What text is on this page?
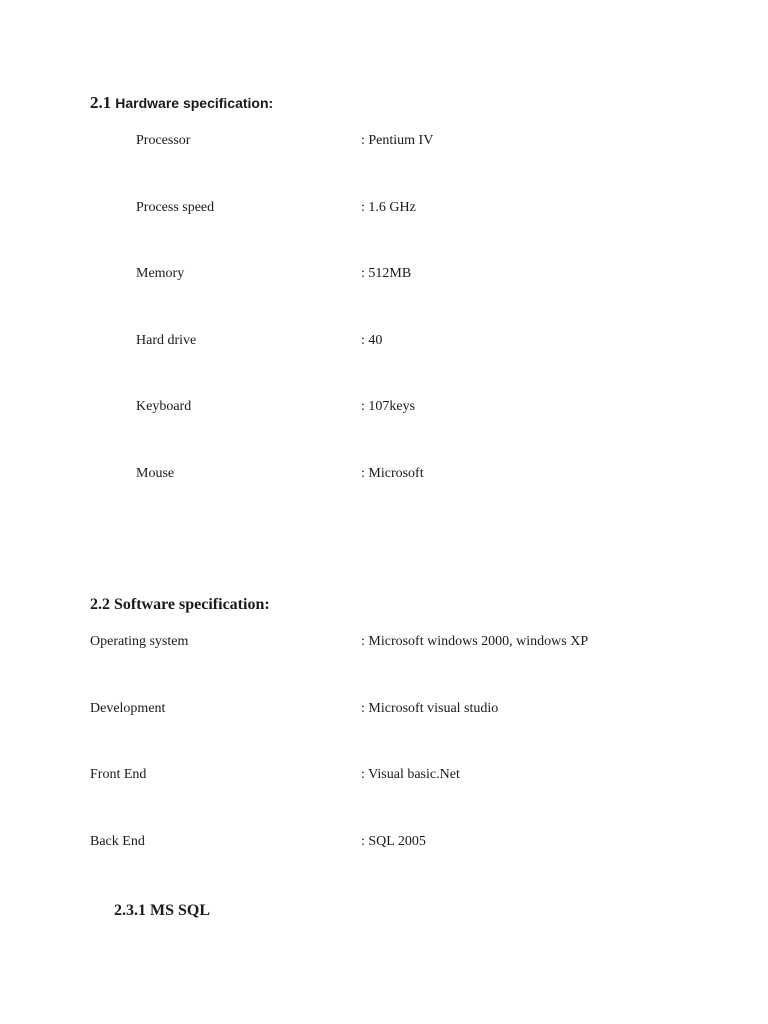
2.1 Hardware specification:
Processor	: Pentium IV
Process speed	: 1.6 GHz
Memory	: 512MB
Hard drive	: 40
Keyboard	: 107keys
Mouse	: Microsoft
2.2 Software specification:
Operating system	: Microsoft windows 2000, windows XP
Development	: Microsoft visual studio
Front End	: Visual basic.Net
Back End	: SQL 2005
2.3.1 MS SQL
